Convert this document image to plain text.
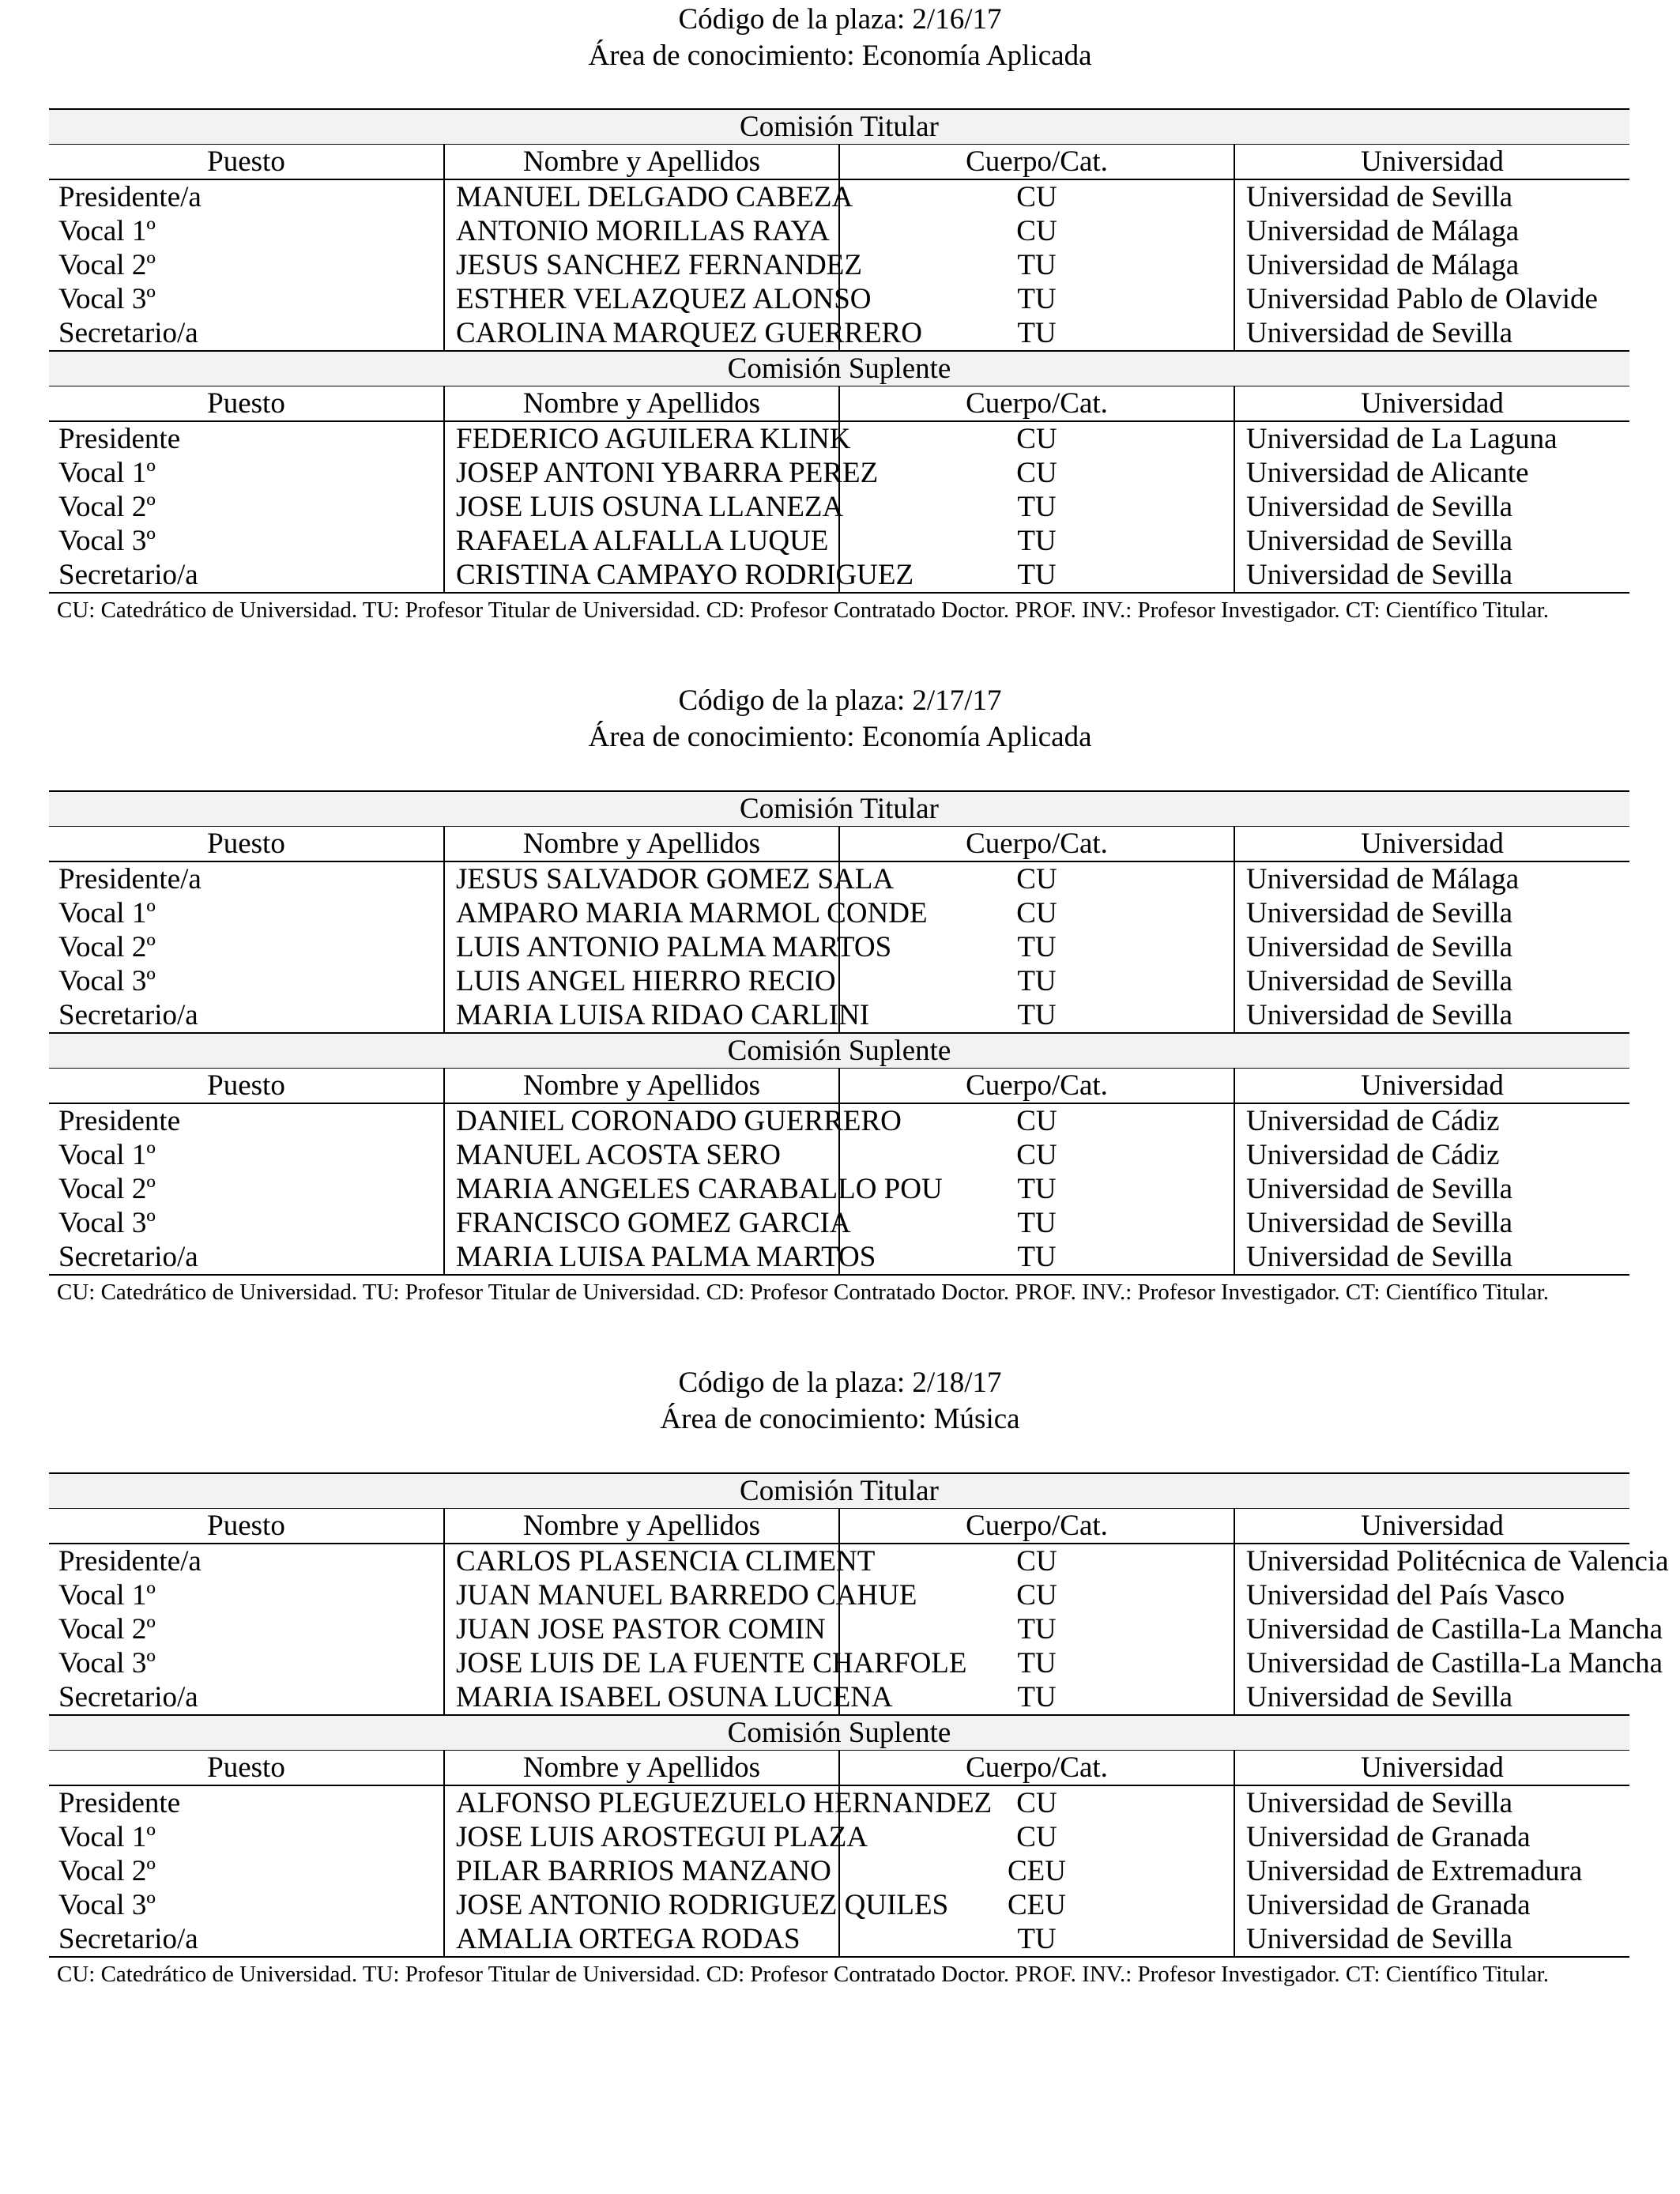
Código de la plaza: 2/16/17
Área de conocimiento: Economía Aplicada
Comisión Titular			
Puesto	Nombre y Apellidos	Cuerpo/Cat.	Universidad
Presidente/a	MANUEL DELGADO CABEZA	CU	Universidad de Sevilla
Vocal 1º	ANTONIO MORILLAS RAYA	CU	Universidad de Málaga
Vocal 2º	JESUS SANCHEZ FERNANDEZ	TU	Universidad de Málaga
Vocal 3º	ESTHER VELAZQUEZ ALONSO	TU	Universidad Pablo de Olavide
Secretario/a	CAROLINA MARQUEZ GUERRERO	TU	Universidad de Sevilla
Comisión Suplente			
Puesto	Nombre y Apellidos	Cuerpo/Cat.	Universidad
Presidente	FEDERICO AGUILERA KLINK	CU	Universidad de La Laguna
Vocal 1º	JOSEP ANTONI YBARRA PEREZ	CU	Universidad de Alicante
Vocal 2º	JOSE LUIS OSUNA LLANEZA	TU	Universidad de Sevilla
Vocal 3º	RAFAELA ALFALLA LUQUE	TU	Universidad de Sevilla
Secretario/a	CRISTINA CAMPAYO RODRIGUEZ	TU	Universidad de Sevilla
CU: Catedrático de Universidad. TU: Profesor Titular de Universidad. CD: Profesor Contratado Doctor. PROF. INV.: Profesor Investigador. CT: Científico Titular.
Código de la plaza: 2/17/17
Área de conocimiento: Economía Aplicada
Comisión Titular			
Puesto	Nombre y Apellidos	Cuerpo/Cat.	Universidad
Presidente/a	JESUS SALVADOR GOMEZ SALA	CU	Universidad de Málaga
Vocal 1º	AMPARO MARIA MARMOL CONDE	CU	Universidad de Sevilla
Vocal 2º	LUIS ANTONIO PALMA MARTOS	TU	Universidad de Sevilla
Vocal 3º	LUIS ANGEL HIERRO RECIO	TU	Universidad de Sevilla
Secretario/a	MARIA LUISA RIDAO CARLINI	TU	Universidad de Sevilla
Comisión Suplente			
Puesto	Nombre y Apellidos	Cuerpo/Cat.	Universidad
Presidente	DANIEL CORONADO GUERRERO	CU	Universidad de Cádiz
Vocal 1º	MANUEL ACOSTA SERO	CU	Universidad de Cádiz
Vocal 2º	MARIA ANGELES CARABALLO POU	TU	Universidad de Sevilla
Vocal 3º	FRANCISCO GOMEZ GARCIA	TU	Universidad de Sevilla
Secretario/a	MARIA LUISA PALMA MARTOS	TU	Universidad de Sevilla
CU: Catedrático de Universidad. TU: Profesor Titular de Universidad. CD: Profesor Contratado Doctor. PROF. INV.: Profesor Investigador. CT: Científico Titular.
Código de la plaza: 2/18/17
Área de conocimiento: Música
Comisión Titular			
Puesto	Nombre y Apellidos	Cuerpo/Cat.	Universidad
Presidente/a	CARLOS PLASENCIA CLIMENT	CU	Universidad Politécnica de Valencia
Vocal 1º	JUAN MANUEL BARREDO CAHUE	CU	Universidad del País Vasco
Vocal 2º	JUAN JOSE PASTOR COMIN	TU	Universidad de Castilla-La Mancha
Vocal 3º	JOSE LUIS DE LA FUENTE CHARFOLE	TU	Universidad de Castilla-La Mancha
Secretario/a	MARIA ISABEL OSUNA LUCENA	TU	Universidad de Sevilla
Comisión Suplente			
Puesto	Nombre y Apellidos	Cuerpo/Cat.	Universidad
Presidente	ALFONSO PLEGUEZUELO HERNANDEZ	CU	Universidad de Sevilla
Vocal 1º	JOSE LUIS AROSTEGUI PLAZA	CU	Universidad de Granada
Vocal 2º	PILAR BARRIOS MANZANO	CEU	Universidad de Extremadura
Vocal 3º	JOSE ANTONIO RODRIGUEZ QUILES	CEU	Universidad de Granada
Secretario/a	AMALIA ORTEGA RODAS	TU	Universidad de Sevilla
CU: Catedrático de Universidad. TU: Profesor Titular de Universidad. CD: Profesor Contratado Doctor. PROF. INV.: Profesor Investigador. CT: Científico Titular.
